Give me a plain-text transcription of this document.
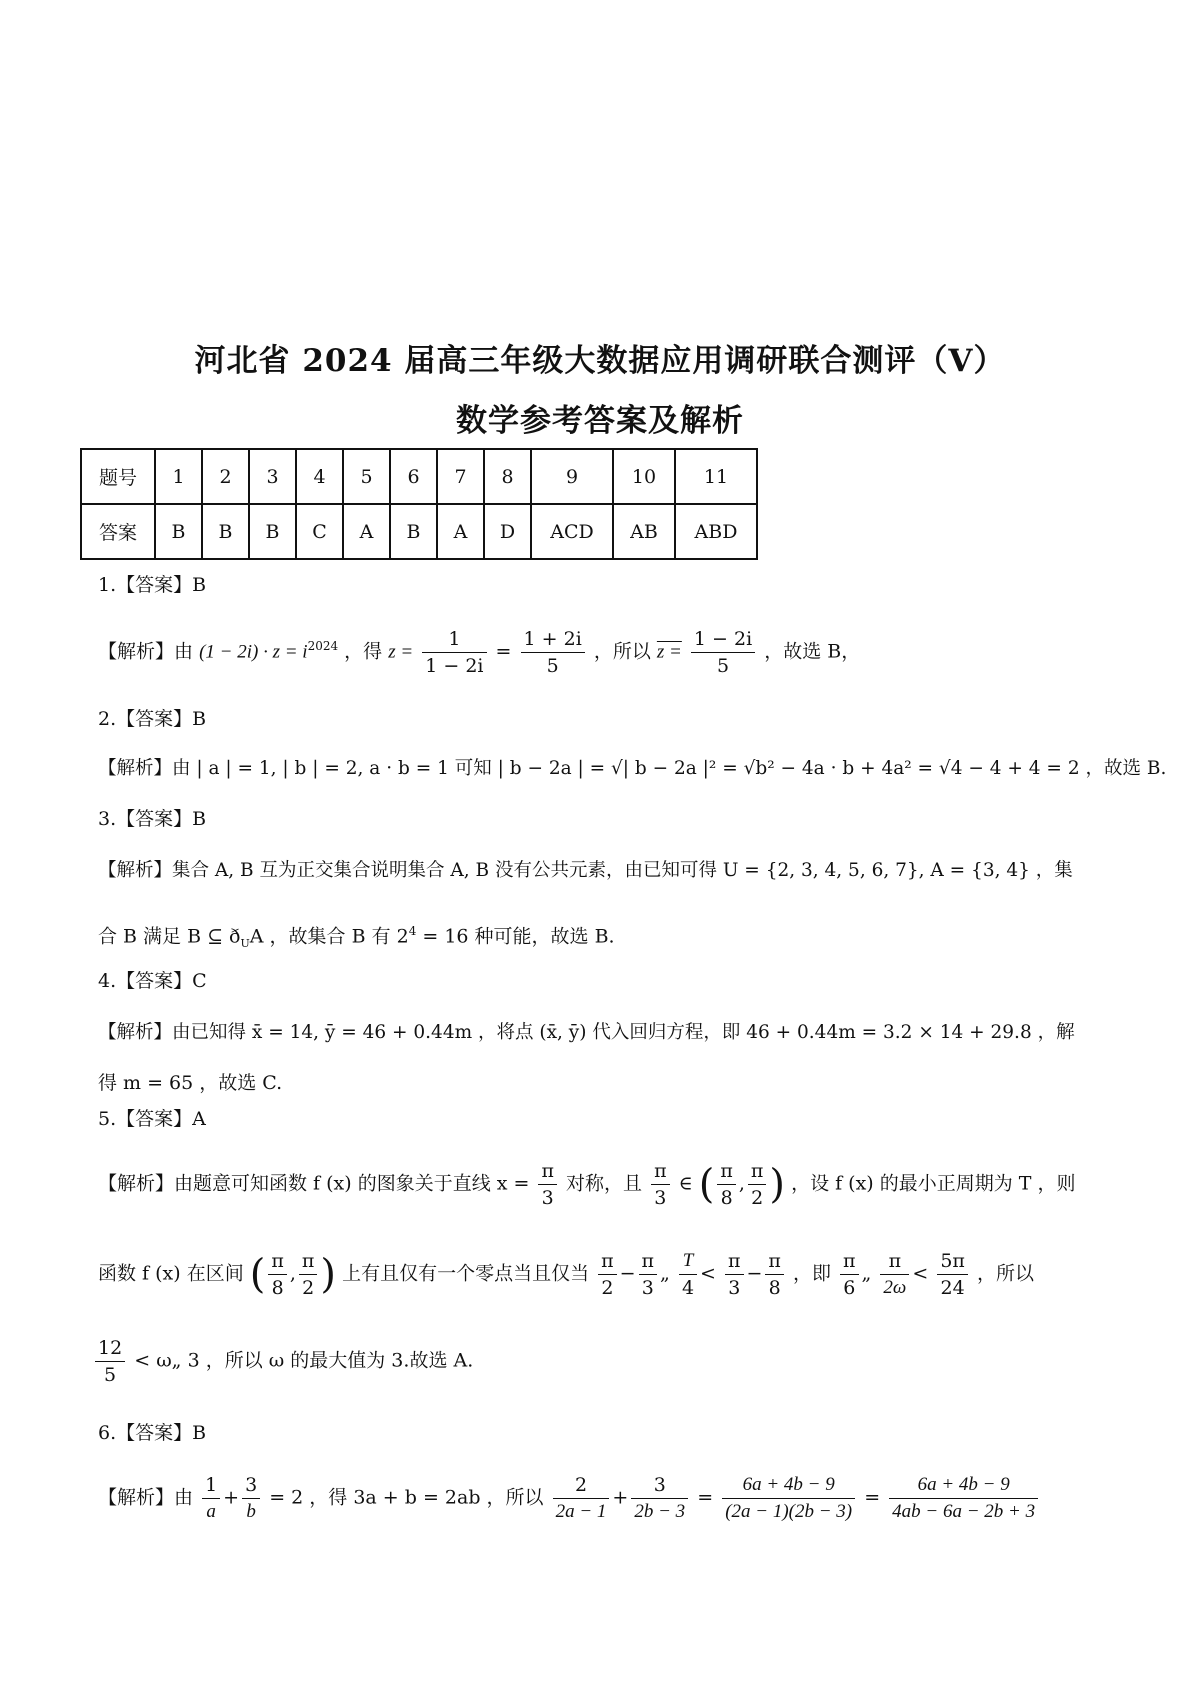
河北省 2024 届高三年级大数据应用调研联合测评（V）
数学参考答案及解析
题号	1	2	3	4	5	6	7	8	9	10	11
答案	B	B	B	C	A	B	A	D	ACD	AB	ABD
1.【答案】B
【解析】由 $(1 - 2i) \cdot z = i^{2024}$ ，得 $z = \frac{1}{1 - 2i} = \frac{1 + 2i}{5}$ ，所以 $z = \frac{1 - 2i}{5}$ ，故选 B，
2.【答案】B
【解析】由 | a | = 1, | b | = 2, a · b = 1 可知 | b − 2a | = √| b − 2a |² = √b² − 4a · b + 4a² = √4 − 4 + 4 = 2 ，故选 B.
3.【答案】B
【解析】集合 A, B 互为正交集合说明集合 A, B 没有公共元素，由已知可得 U = {2, 3, 4, 5, 6, 7}, A = {3, 4} ，集
合 B 满足 B ⊆ $ð_UA$ ，故集合 B 有 $2^4 = 16$ 种可能，故选 B.
4.【答案】C
【解析】由已知得 x̄ = 14, ȳ = 46 + 0.44m ，将点 (x̄, ȳ) 代入回归方程，即 46 + 0.44m = 3.2 × 14 + 29.8 ，解
得 m = 65 ，故选 C.
5.【答案】A
【解析】由题意可知函数 f (x) 的图象关于直线 $x = \frac{\pi}{3}$ 对称，且 $\frac{\pi}{3}$ ∈ ( $\frac{\pi}{8}$ , $\frac{\pi}{2}$ ) ，设 f (x) 的最小正周期为 T ，则
函数 f (x) 在区间 ( $\frac{\pi}{8}$ , $\frac{\pi}{2}$ ) 上有且仅有一个零点当且仅当 $\frac{\pi}{2} - \frac{\pi}{3}$ „ $\frac{T}{4} < \frac{\pi}{3} - \frac{\pi}{8}$ ，即 $\frac{\pi}{6}$ „ $\frac{\pi}{2\omega} < \frac{5\pi}{24}$ ，所以
$\frac{12}{5}$ < ω„ 3 ，所以 ω 的最大值为 3.故选 A.
6.【答案】B
【解析】由 $\frac{1}{a} + \frac{3}{b} = 2$ ，得 3a + b = 2ab ，所以 $\frac{2}{2a - 1} + \frac{3}{2b - 3} = \frac{6a + 4b - 9}{(2a - 1)(2b - 3)} = \frac{6a + 4b - 9}{4ab - 6a - 2b + 3}$
